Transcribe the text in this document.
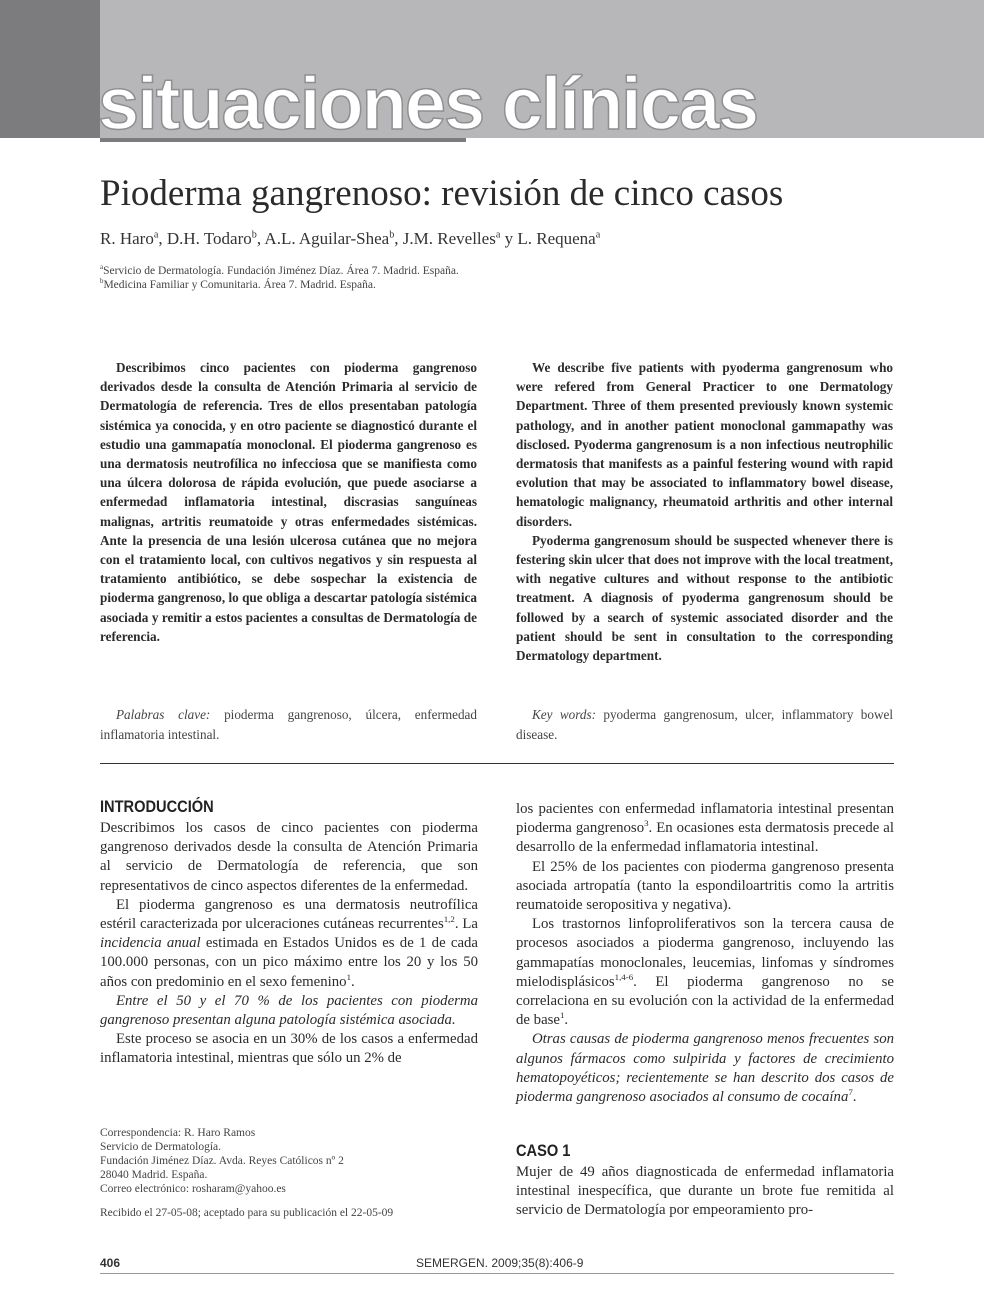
situaciones clínicas
Pioderma gangrenoso: revisión de cinco casos
R. Haro$^a$, D.H. Todaro$^b$, A.L. Aguilar-Shea$^b$, J.M. Revelles$^a$ y L. Requena$^a$
$^a$Servicio de Dermatología. Fundación Jiménez Díaz. Área 7. Madrid. España.
$^b$Medicina Familiar y Comunitaria. Área 7. Madrid. España.

Describimos cinco pacientes con pioderma gangrenoso derivados desde la consulta de Atención Primaria al servicio de Dermatología de referencia. Tres de ellos presentaban patología sistémica ya conocida, y en otro paciente se diagnosticó durante el estudio una gammapatía monoclonal. El pioderma gangrenoso es una dermatosis neutrofílica no infecciosa que se manifiesta como una úlcera dolorosa de rápida evolución, que puede asociarse a enfermedad inflamatoria intestinal, discrasias sanguíneas malignas, artritis reumatoide y otras enfermedades sistémicas. Ante la presencia de una lesión ulcerosa cutánea que no mejora con el tratamiento local, con cultivos negativos y sin respuesta al tratamiento antibiótico, se debe sospechar la existencia de pioderma gangrenoso, lo que obliga a descartar patología sistémica asociada y remitir a estos pacientes a consultas de Dermatología de referencia.

We describe five patients with pyoderma gangrenosum who were refered from General Practicer to one Dermatology Department. Three of them presented previously known systemic pathology, and in another patient monoclonal gammapathy was disclosed. Pyoderma gangrenosum is a non infectious neutrophilic dermatosis that manifests as a painful festering wound with rapid evolution that may be associated to inflammatory bowel disease, hematologic malignancy, rheumatoid arthritis and other internal disorders.

Pyoderma gangrenosum should be suspected whenever there is festering skin ulcer that does not improve with the local treatment, with negative cultures and without response to the antibiotic treatment. A diagnosis of pyoderma gangrenosum should be followed by a search of systemic associated disorder and the patient should be sent in consultation to the corresponding Dermatology department.

Palabras clave: pioderma gangrenoso, úlcera, enfermedad inflamatoria intestinal.

Key words: pyoderma gangrenosum, ulcer, inflammatory bowel disease.

INTRODUCCIÓN

Describimos los casos de cinco pacientes con pioderma gangrenoso derivados desde la consulta de Atención Primaria al servicio de Dermatología de referencia, que son representativos de cinco aspectos diferentes de la enfermedad.

El pioderma gangrenoso es una dermatosis neutrofílica estéril caracterizada por ulceraciones cutáneas recurrentes$^{1,2}$. La incidencia anual estimada en Estados Unidos es de 1 de cada 100.000 personas, con un pico máximo entre los 20 y los 50 años con predominio en el sexo femenino$^1$.

Entre el 50 y el 70 % de los pacientes con pioderma gangrenoso presentan alguna patología sistémica asociada.

Este proceso se asocia en un 30% de los casos a enfermedad inflamatoria intestinal, mientras que sólo un 2% de

los pacientes con enfermedad inflamatoria intestinal presentan pioderma gangrenoso$^3$. En ocasiones esta dermatosis precede al desarrollo de la enfermedad inflamatoria intestinal.

El 25% de los pacientes con pioderma gangrenoso presenta asociada artropatía (tanto la espondiloartritis como la artritis reumatoide seropositiva y negativa).

Los trastornos linfoproliferativos son la tercera causa de procesos asociados a pioderma gangrenoso, incluyendo las gammapatías monoclonales, leucemias, linfomas y síndromes mielodisplásicos$^{1,4-6}$. El pioderma gangrenoso no se correlaciona en su evolución con la actividad de la enfermedad de base$^1$.

Otras causas de pioderma gangrenoso menos frecuentes son algunos fármacos como sulpirida y factores de crecimiento hematopoyéticos; recientemente se han descrito dos casos de pioderma gangrenoso asociados al consumo de cocaína$^7$.

CASO 1

Mujer de 49 años diagnosticada de enfermedad inflamatoria intestinal inespecífica, que durante un brote fue remitida al servicio de Dermatología por empeoramiento pro-

Correspondencia: R. Haro Ramos
Servicio de Dermatología.
Fundación Jiménez Díaz. Avda. Reyes Católicos nº 2
28040 Madrid. España.
Correo electrónico: rosharam@yahoo.es
Recibido el 27-05-08; aceptado para su publicación el 22-05-09
406	SEMERGEN. 2009;35(8):406-9
